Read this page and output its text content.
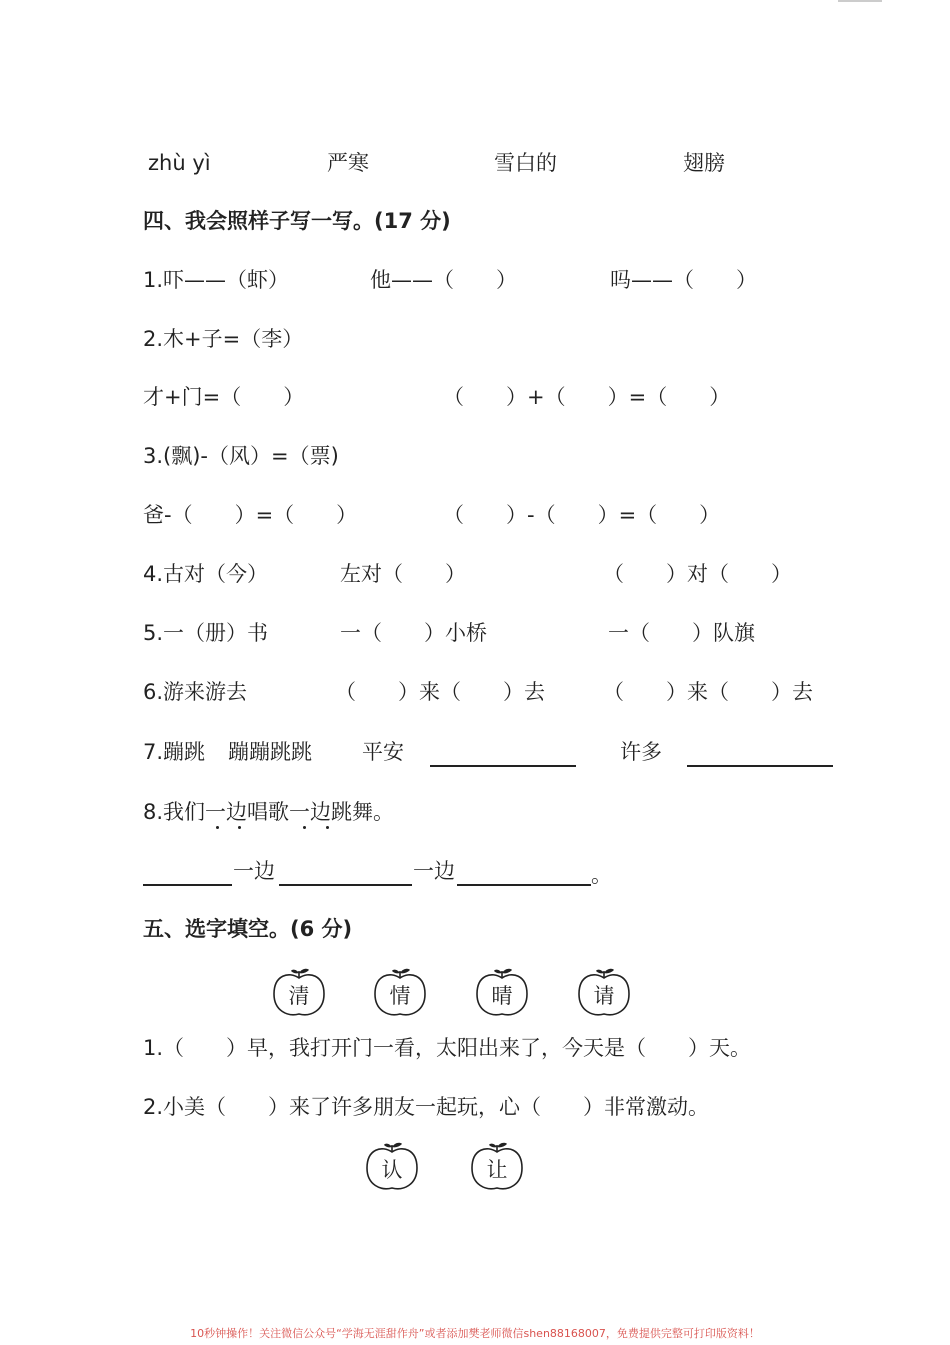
zhù yì	严寒	雪白的	翅膀
四、我会照样子写一写。(17 分)
1.吓——（虾）	他——（　　）	吗——（　　）
2.木+子=（李）
才+门=（　　）	（　　）+（　　）=（　　）
3.(飘)-（风）=（票)
爸-（　　）=（　　）	（　　）-（　　）=（　　）
4.古对（今）	左对（　　）	（　　）对（　　）
5.一（册）书	一（　　）小桥	一（　　）队旗
6.游来游去	（　　）来（　　）去	（　　）来（　　）去
7.蹦跳 蹦蹦跳跳 平安	许多
8.我们一边唱歌一边跳舞。
一边	一边	。
五、选字填空。(6 分)
清	情	晴	请
1.（　　）早，我打开门一看，太阳出来了，今天是（　　）天。
2.小美（　　）来了许多朋友一起玩，心（　　）非常激动。
认	让
10秒钟操作！关注微信公众号“学海无涯甜作舟”或者添加樊老师微信shen88168007，免费提供完整可打印版资料！
